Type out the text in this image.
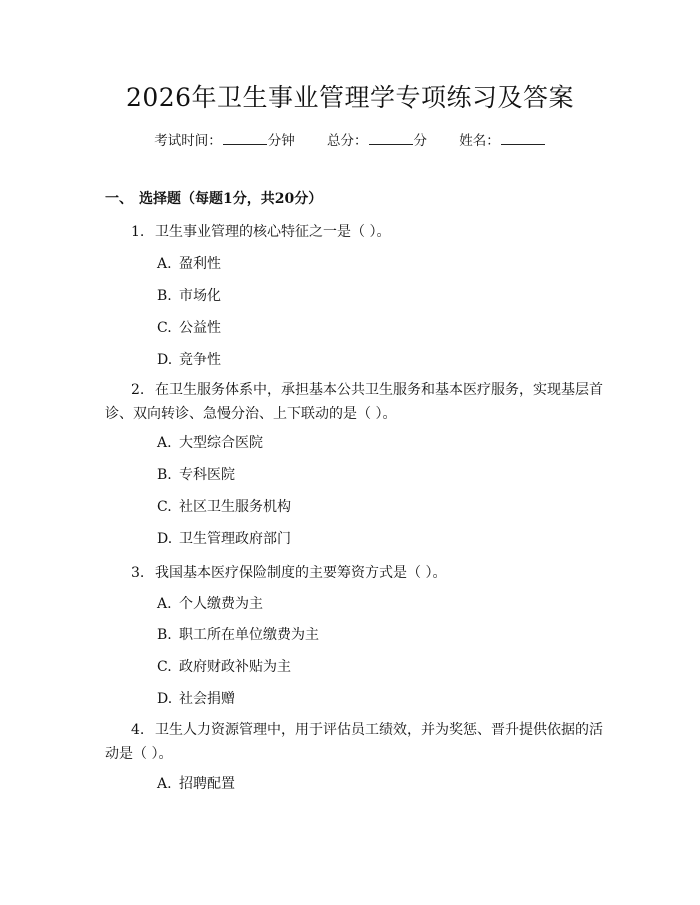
2026年卫生事业管理学专项练习及答案
考试时间：	分钟 总分：	分 姓名：
一、 选择题（每题1分，共20分）
1. 卫生事业管理的核心特征之一是（ ）。
A. 盈利性
B. 市场化
C. 公益性
D. 竞争性
2. 在卫生服务体系中，承担基本公共卫生服务和基本医疗服务，实现基层首
诊、双向转诊、急慢分治、上下联动的是（ ）。
A. 大型综合医院
B. 专科医院
C. 社区卫生服务机构
D. 卫生管理政府部门
3. 我国基本医疗保险制度的主要筹资方式是（ ）。
A. 个人缴费为主
B. 职工所在单位缴费为主
C. 政府财政补贴为主
D. 社会捐赠
4. 卫生人力资源管理中，用于评估员工绩效，并为奖惩、晋升提供依据的活
动是（ ）。
A. 招聘配置
